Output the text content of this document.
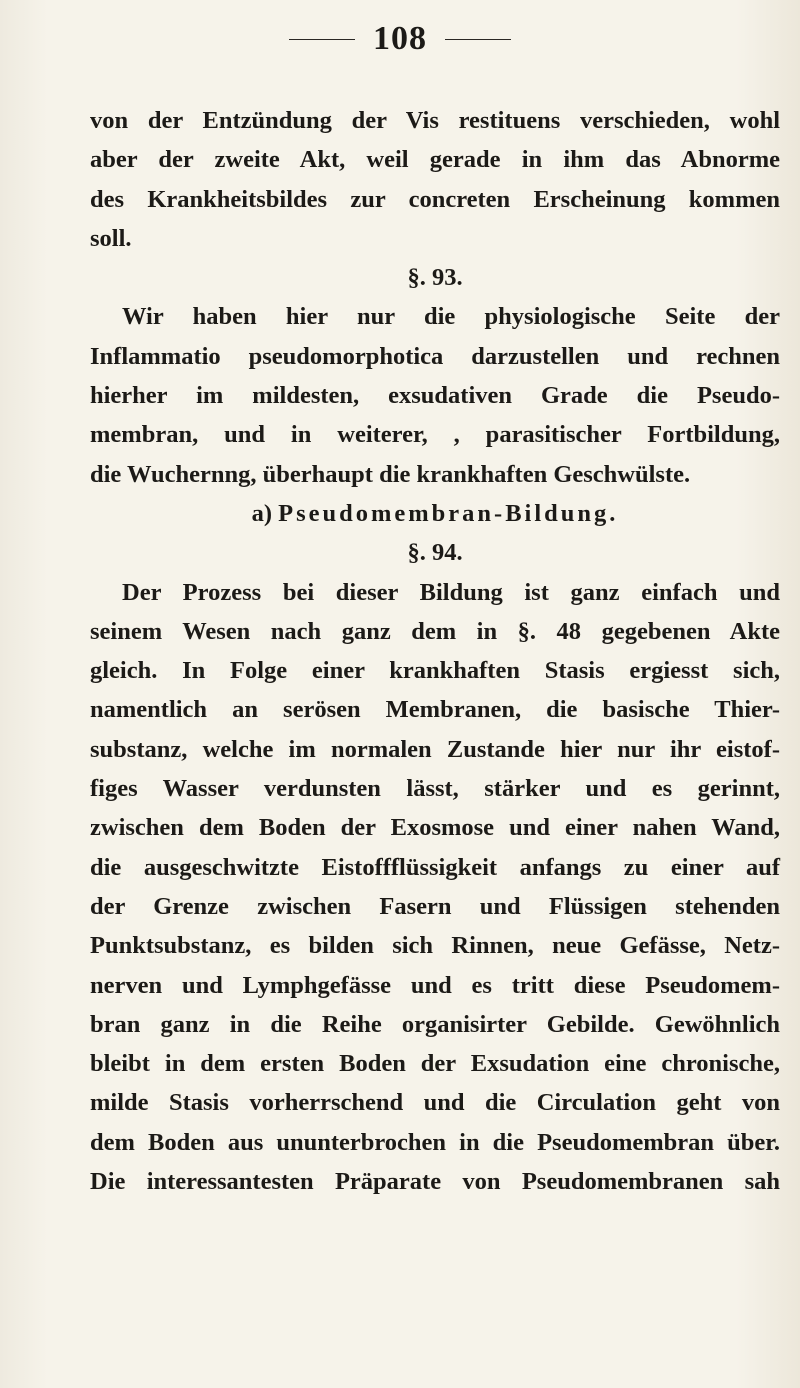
108
von der Entzündung der Vis restituens verschieden, wohl
aber der zweite Akt, weil gerade in ihm das Abnorme
des Krankheitsbildes zur concreten Erscheinung kommen
soll.
§. 93.
Wir haben hier nur die physiologische Seite der
Inflammatio pseudomorphotica darzustellen und rechnen
hierher im mildesten, exsudativen Grade die Pseudo-
membran, und in weiterer, , parasitischer Fortbildung,
die Wuchernng, überhaupt die krankhaften Geschwülste.
a) Pseudomembran-Bildung.
§. 94.
Der Prozess bei dieser Bildung ist ganz einfach und
seinem Wesen nach ganz dem in §. 48 gegebenen Akte
gleich. In Folge einer krankhaften Stasis ergiesst sich,
namentlich an serösen Membranen, die basische Thier-
substanz, welche im normalen Zustande hier nur ihr eistof-
figes Wasser verdunsten lässt, stärker und es gerinnt,
zwischen dem Boden der Exosmose und einer nahen Wand,
die ausgeschwitzte Eistoffflüssigkeit anfangs zu einer auf
der Grenze zwischen Fasern und Flüssigen stehenden
Punktsubstanz, es bilden sich Rinnen, neue Gefässe, Netz-
nerven und Lymphgefässe und es tritt diese Pseudomem-
bran ganz in die Reihe organisirter Gebilde. Gewöhnlich
bleibt in dem ersten Boden der Exsudation eine chronische,
milde Stasis vorherrschend und die Circulation geht von
dem Boden aus ununterbrochen in die Pseudomembran über.
Die interessantesten Präparate von Pseudomembranen sah
